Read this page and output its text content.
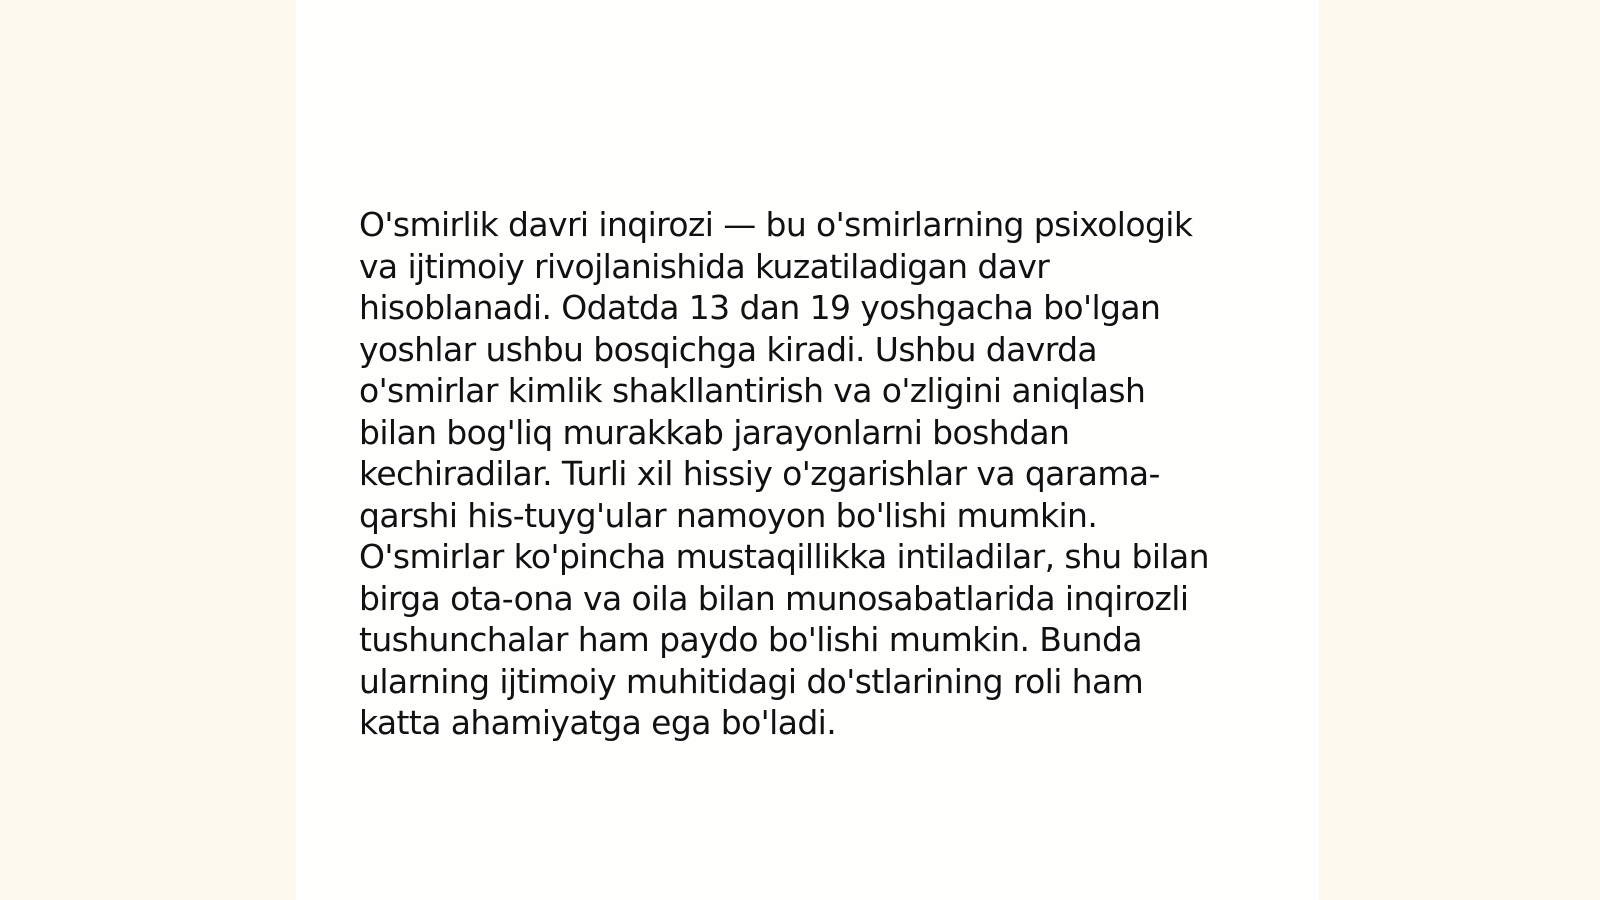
O'smirlik davri inqirozi — bu o'smirlarning psixologik
va ijtimoiy rivojlanishida kuzatiladigan davr
hisoblanadi. Odatda 13 dan 19 yoshgacha bo'lgan
yoshlar ushbu bosqichga kiradi. Ushbu davrda
o'smirlar kimlik shakllantirish va o'zligini aniqlash
bilan bog'liq murakkab jarayonlarni boshdan
kechiradilar. Turli xil hissiy o'zgarishlar va qarama-
qarshi his-tuyg'ular namoyon bo'lishi mumkin.
O'smirlar ko'pincha mustaqillikka intiladilar, shu bilan
birga ota-ona va oila bilan munosabatlarida inqirozli
tushunchalar ham paydo bo'lishi mumkin. Bunda
ularning ijtimoiy muhitidagi do'stlarining roli ham
katta ahamiyatga ega bo'ladi.
